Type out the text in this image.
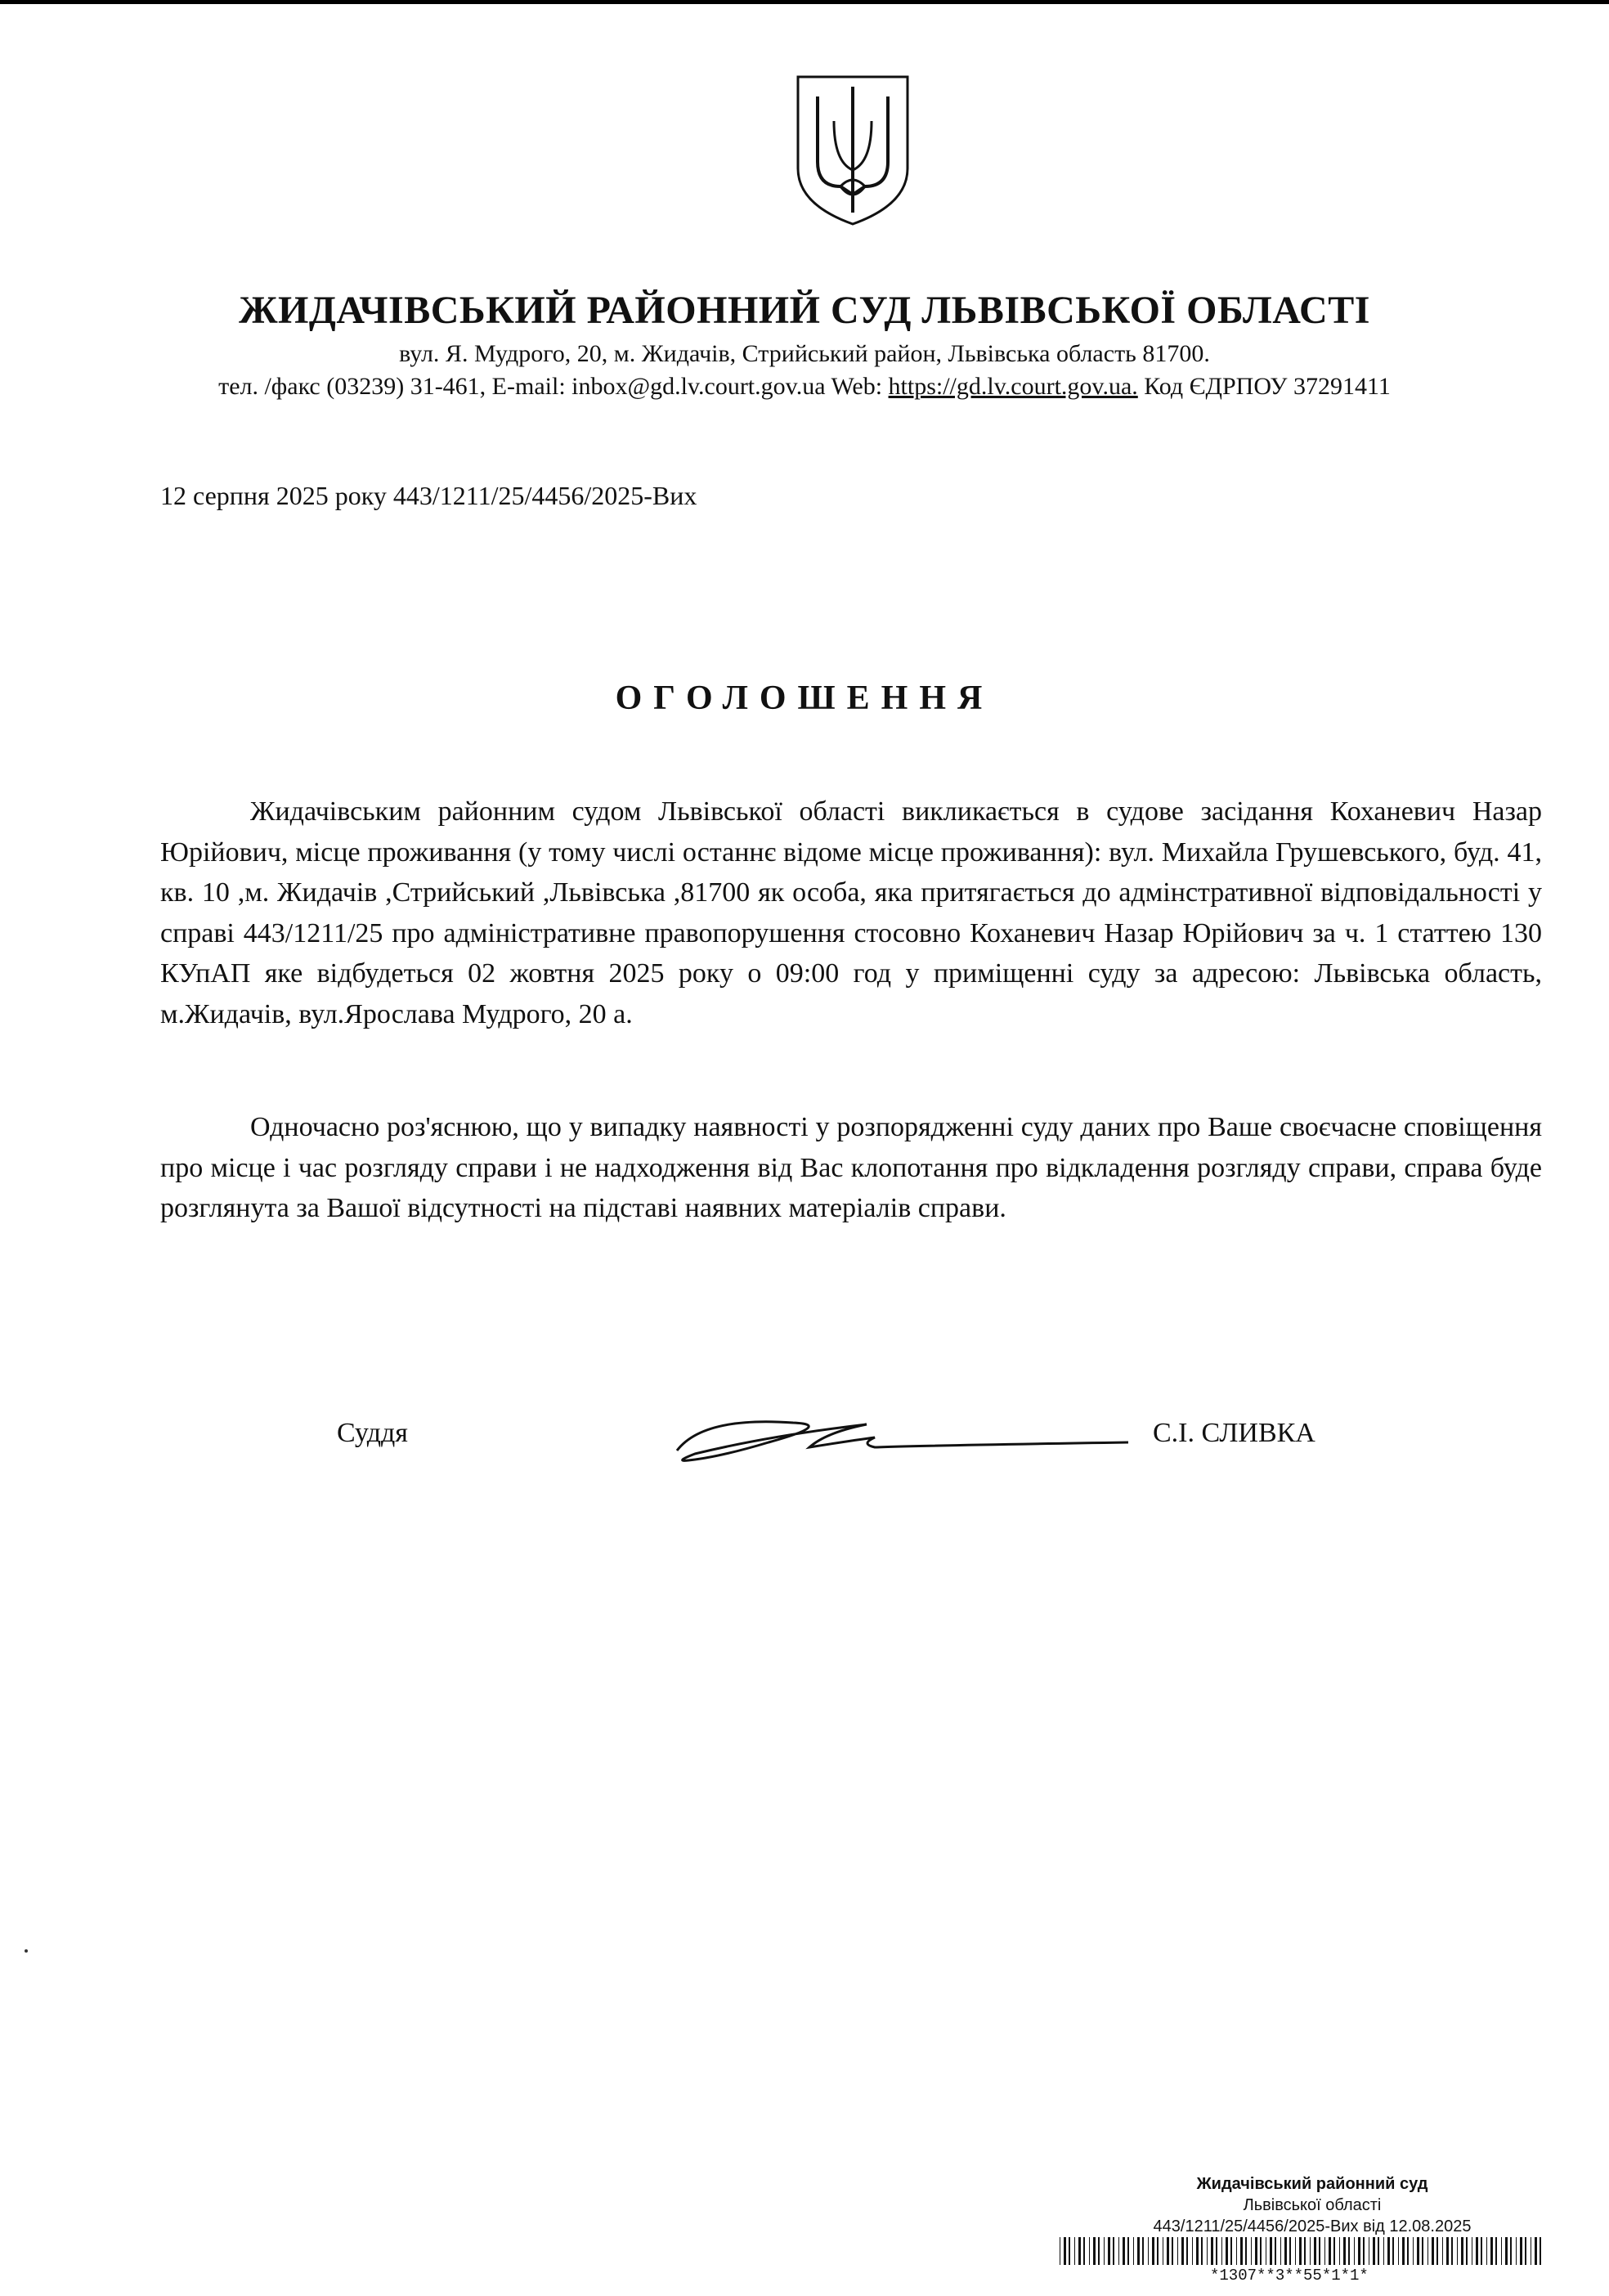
ЖИДАЧІВСЬКИЙ РАЙОННИЙ СУД ЛЬВІВСЬКОЇ ОБЛАСТІ
вул. Я. Мудрого, 20, м. Жидачів, Стрийський район, Львівська область 81700.
тел. /факс (03239) 31-461, E-mail: inbox@gd.lv.court.gov.ua Web: https://gd.lv.court.gov.ua. Код ЄДРПОУ 37291411
12 серпня 2025 року 443/1211/25/4456/2025-Вих
ОГОЛОШЕННЯ
Жидачівським районним судом Львівської області викликається в судове засідання Коханевич Назар Юрійович, місце проживання (у тому числі останнє відоме місце проживання): вул. Михайла Грушевського, буд. 41, кв. 10 ,м. Жидачів ,Стрийський ,Львівська ,81700 як особа, яка притягається до адмінстративної відповідальності у справі 443/1211/25 про адміністративне правопорушення стосовно Коханевич Назар Юрійович за ч. 1 статтею 130 КУпАП яке відбудеться 02 жовтня 2025 року о 09:00 год у приміщенні суду за адресою: Львівська область, м.Жидачів, вул.Ярослава Мудрого, 20 а.
Одночасно роз'яснюю, що у випадку наявності у розпорядженні суду даних про Ваше своєчасне сповіщення про місце і час розгляду справи і не надходження від Вас клопотання про відкладення розгляду справи, справа буде розглянута за Вашої відсутності на підставі наявних матеріалів справи.
Суддя	С.І. СЛИВКА
Жидачівський районний суд
Львівської області
443/1211/25/4456/2025-Вих від 12.08.2025
*1307**3**55*1*1*
